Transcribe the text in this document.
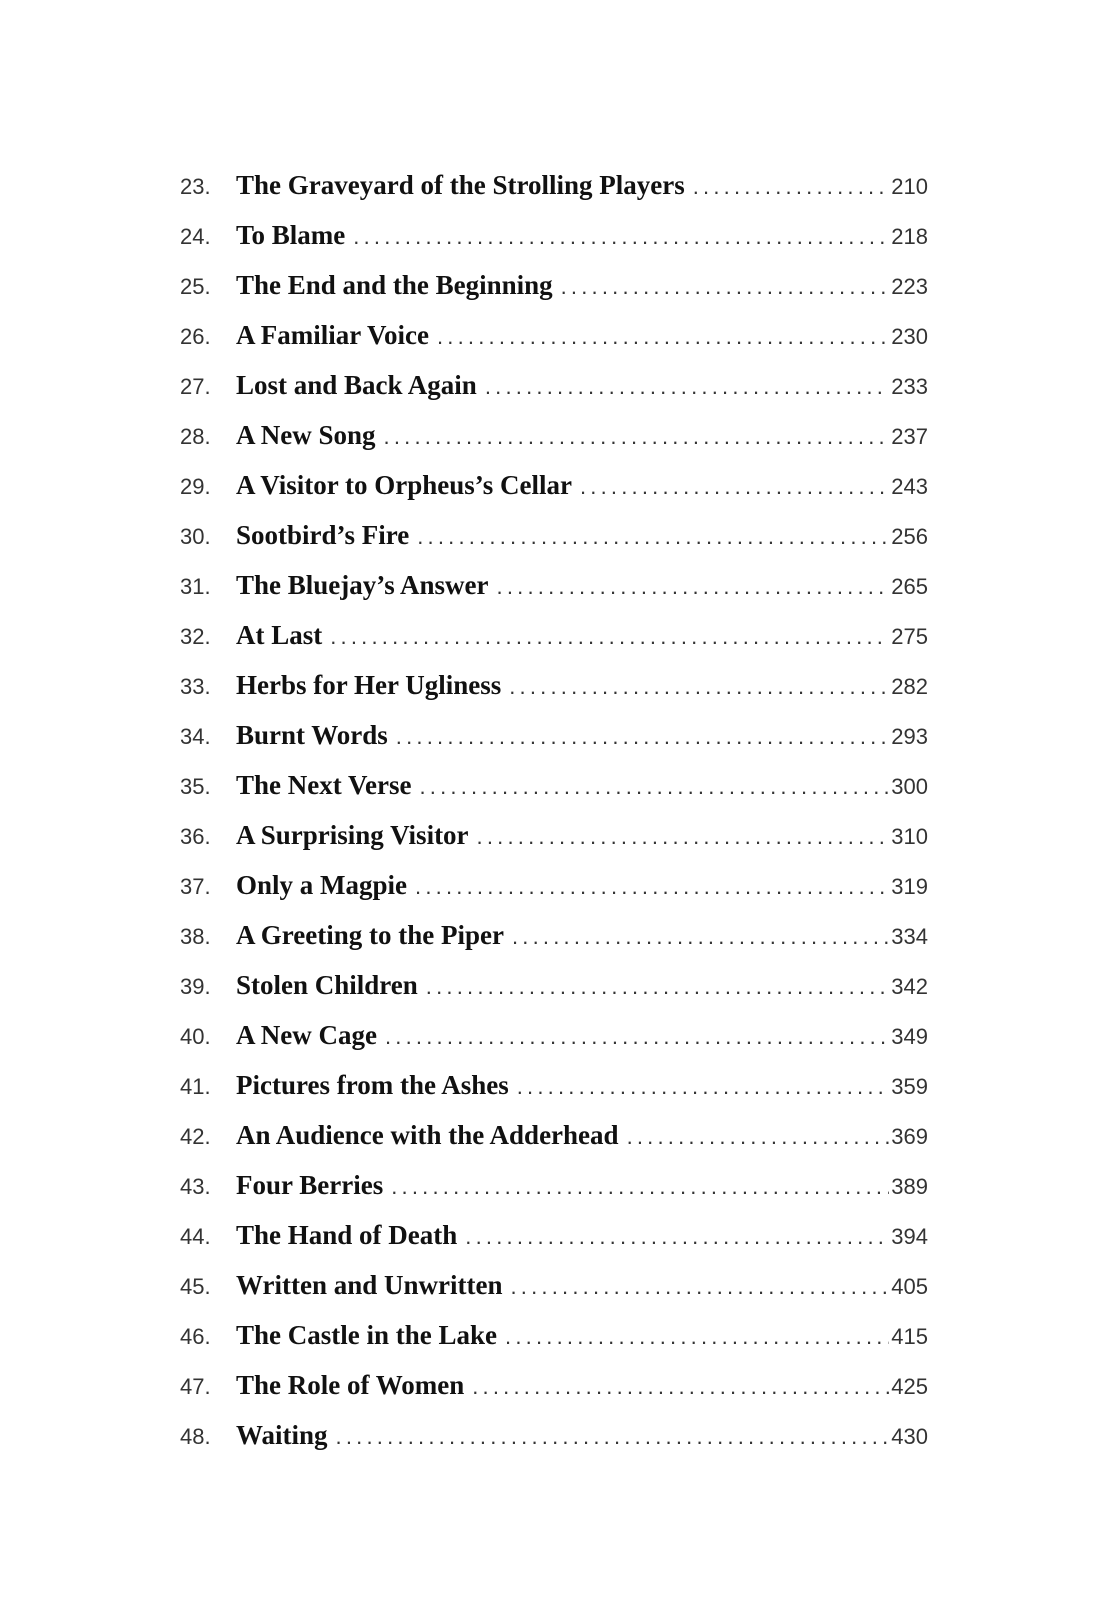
23. The Graveyard of the Strolling Players .....	210
24. To Blame .....	218
25. The End and the Beginning .....	223
26. A Familiar Voice .....	230
27. Lost and Back Again .....	233
28. A New Song .....	237
29. A Visitor to Orpheus’s Cellar .....	243
30. Sootbird’s Fire .....	256
31. The Bluejay’s Answer .....	265
32. At Last .....	275
33. Herbs for Her Ugliness .....	282
34. Burnt Words .....	293
35. The Next Verse .....	300
36. A Surprising Visitor .....	310
37. Only a Magpie .....	319
38. A Greeting to the Piper .....	334
39. Stolen Children .....	342
40. A New Cage .....	349
41. Pictures from the Ashes .....	359
42. An Audience with the Adderhead .....	369
43. Four Berries .....	389
44. The Hand of Death .....	394
45. Written and Unwritten .....	405
46. The Castle in the Lake .....	415
47. The Role of Women .....	425
48. Waiting .....	430
